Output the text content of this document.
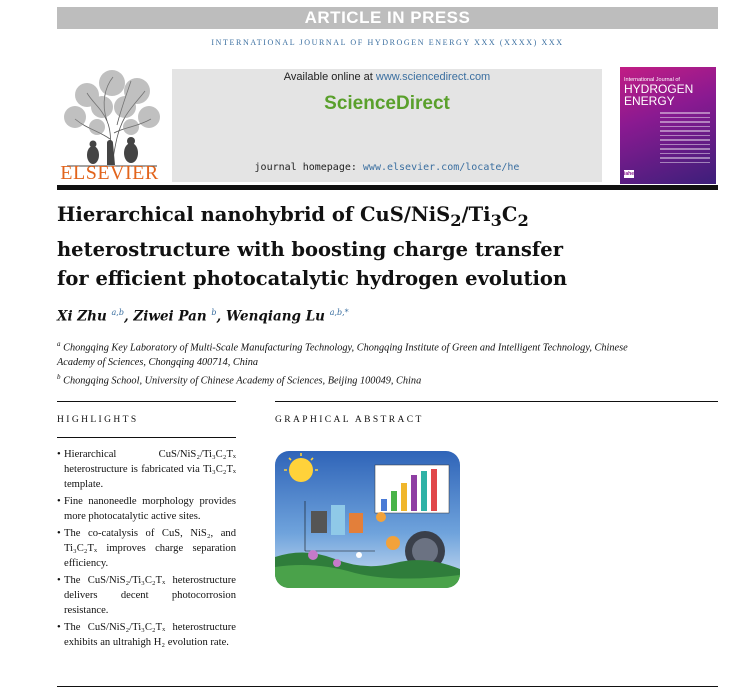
ARTICLE IN PRESS
INTERNATIONAL JOURNAL OF HYDROGEN ENERGY XXX (XXXX) XXX
ELSEVIER
Available online at www.sciencedirect.com
ScienceDirect
journal homepage: www.elsevier.com/locate/he
International Journal of
HYDROGEN
ENERGY
iahe
Hierarchical nanohybrid of CuS/$NiS_2/Ti_3C_2$
heterostructure with boosting charge transfer
for efficient photocatalytic hydrogen evolution
Xi Zhu $^{a,b}$, Ziwei Pan $^b$, Wenqiang Lu $^{a,b,*}$
$^a$ Chongqing Key Laboratory of Multi-Scale Manufacturing Technology, Chongqing Institute of Green and Intelligent Technology, Chinese Academy of Sciences, Chongqing 400714, China
$^b$ Chongqing School, University of Chinese Academy of Sciences, Beijing 100049, China
HIGHLIGHTS	GRAPHICAL ABSTRACT
• Hierarchical CuS/NiS₂/Ti₃C₂Tₓ heterostructure is fabricated via Ti₃C₂Tₓ template.
• Fine nanoneedle morphology provides more photocatalytic active sites.
• The co-catalysis of CuS, NiS₂, and Ti₃C₂Tₓ improves charge separation efficiency.
• The CuS/NiS₂/Ti₃C₂Tₓ heterostructure delivers decent photocorrosion resistance.
• The CuS/NiS₂/Ti₃C₂Tₓ heterostructure exhibits an ultrahigh H₂ evolution rate.
